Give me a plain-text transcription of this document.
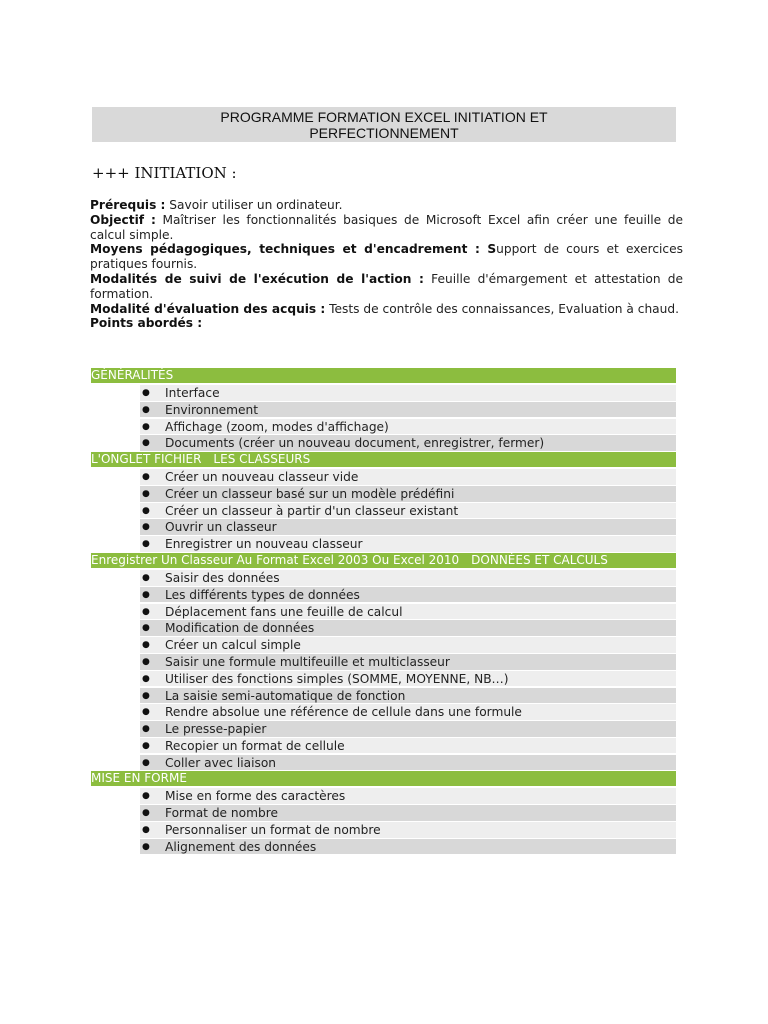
PROGRAMME FORMATION EXCEL INITIATION ET
PERFECTIONNEMENT
+++ INITIATION :

Prérequis : Savoir utiliser un ordinateur.

Objectif : Maîtriser les fonctionnalités basiques de Microsoft Excel afin créer une feuille de calcul simple.

Moyens pédagogiques, techniques et d'encadrement : Support de cours et exercices pratiques fournis.

Modalités de suivi de l'exécution de l'action : Feuille d'émargement et attestation de formation.

Modalité d'évaluation des acquis : Tests de contrôle des connaissances, Evaluation à chaud.

Points abordés :

GÉNÉRALITÉS
● Interface
● Environnement
● Affichage (zoom, modes d'affichage)
● Documents (créer un nouveau document, enregistrer, fermer)
L'ONGLET FICHIER LES CLASSEURS
● Créer un nouveau classeur vide
● Créer un classeur basé sur un modèle prédéfini
● Créer un classeur à partir d'un classeur existant
● Ouvrir un classeur
● Enregistrer un nouveau classeur
Enregistrer Un Classeur Au Format Excel 2003 Ou Excel 2010 DONNÉES ET CALCULS
● Saisir des données
● Les différents types de données
● Déplacement fans une feuille de calcul
● Modification de données
● Créer un calcul simple
● Saisir une formule multifeuille et multiclasseur
● Utiliser des fonctions simples (SOMME, MOYENNE, NB…)
● La saisie semi-automatique de fonction
● Rendre absolue une référence de cellule dans une formule
● Le presse-papier
● Recopier un format de cellule
● Coller avec liaison
MISE EN FORME
● Mise en forme des caractères
● Format de nombre
● Personnaliser un format de nombre
● Alignement des données
